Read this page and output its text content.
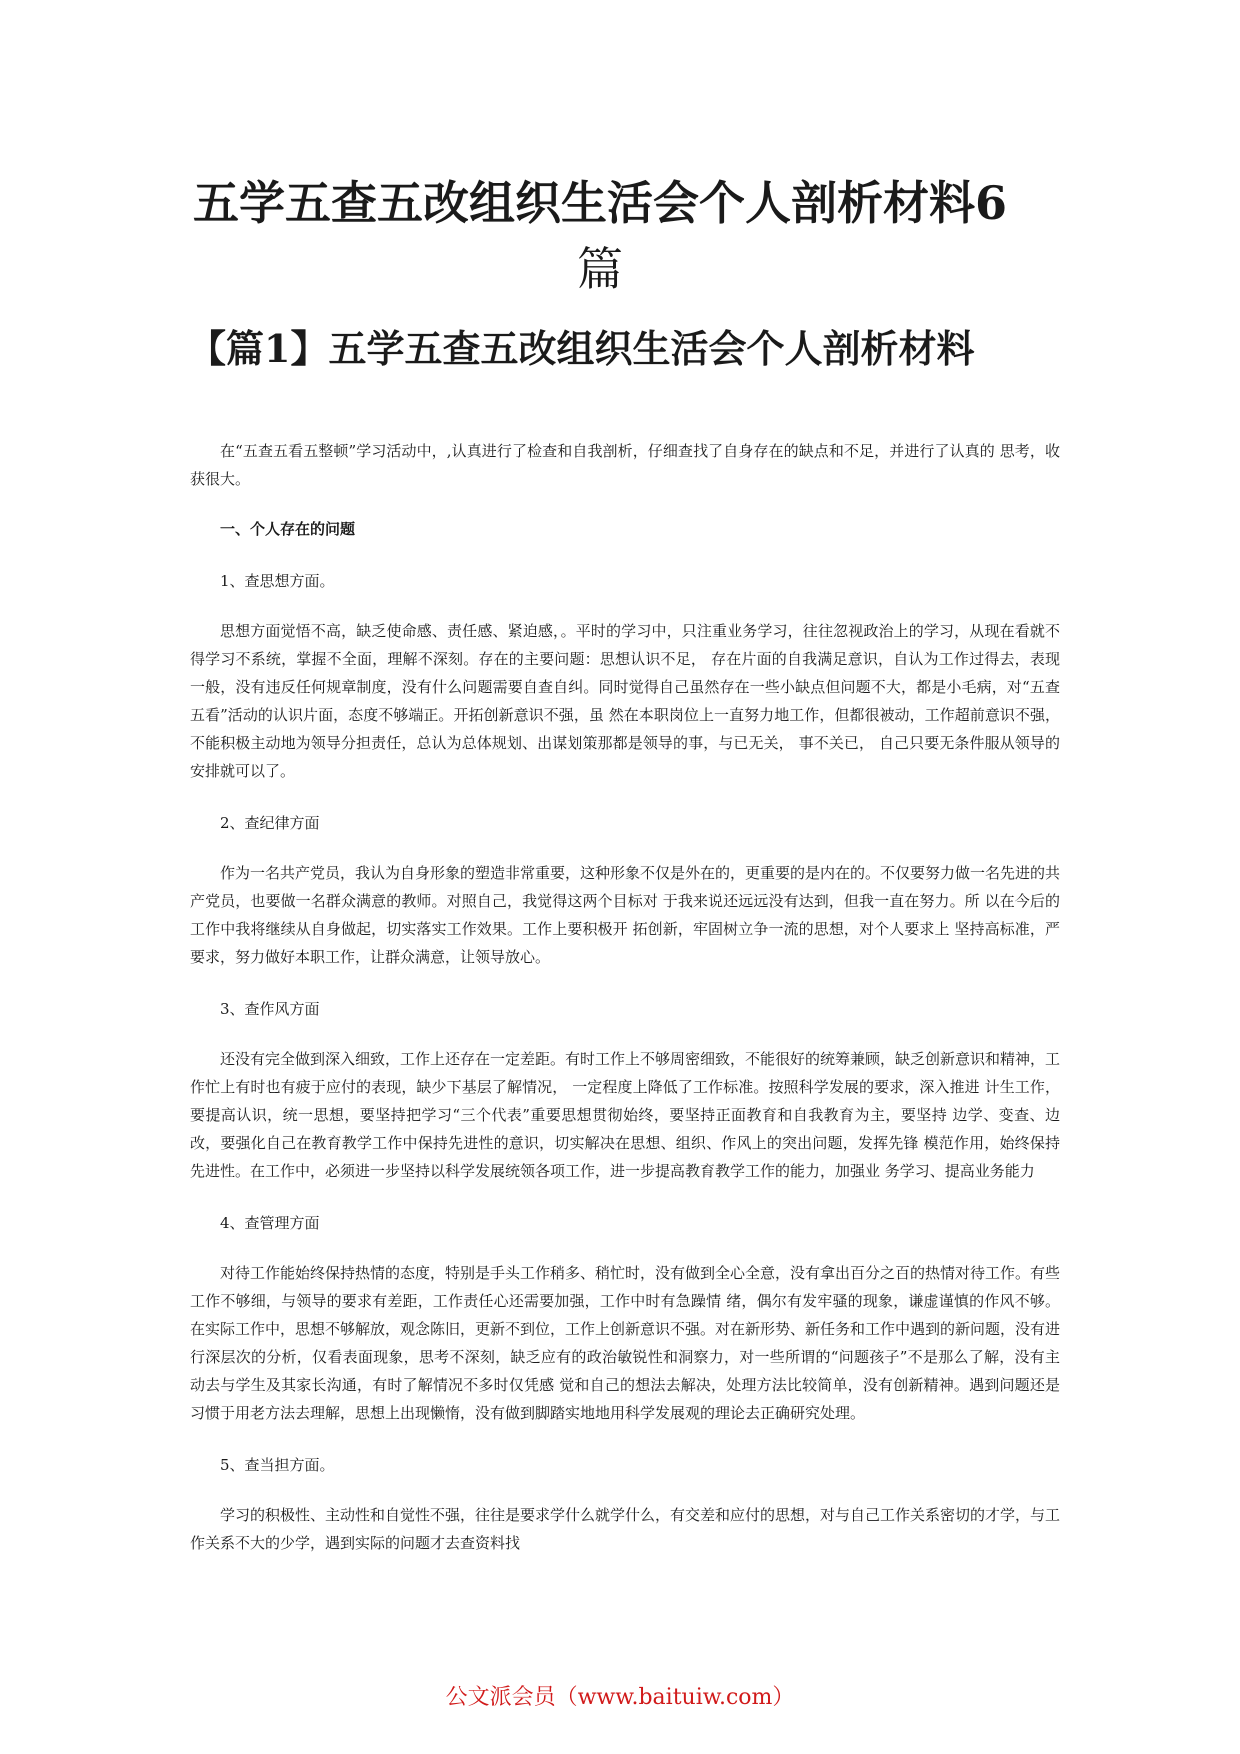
五学五查五改组织生活会个人剖析材料6
篇
【篇1】五学五查五改组织生活会个人剖析材料

在“五查五看五整顿”学习活动中，,认真进行了检查和自我剖析，仔细查找了自身存在的缺点和不足，并进行了认真的 思考，收获很大。

一、个人存在的问题

1、查思想方面。

思想方面觉悟不高，缺乏使命感、责任感、紧迫感，。平时的学习中，只注重业务学习，往往忽视政治上的学习，从现在看就不得学习不系统，掌握不全面，理解不深刻。存在的主要问题：思想认识不足， 存在片面的自我满足意识，自认为工作过得去，表现一般，没有违反任何规章制度，没有什么问题需要自查自纠。同时觉得自己虽然存在一些小缺点但问题不大，都是小毛病，对“五查五看”活动的认识片面，态度不够端正。开拓创新意识不强，虽 然在本职岗位上一直努力地工作，但都很被动，工作超前意识不强，不能积极主动地为领导分担责任，总认为总体规划、出谋划策那都是领导的事，与已无关， 事不关已， 自己只要无条件服从领导的安排就可以了。

2、查纪律方面

作为一名共产党员，我认为自身形象的塑造非常重要，这种形象不仅是外在的，更重要的是内在的。不仅要努力做一名先进的共产党员，也要做一名群众满意的教师。对照自己，我觉得这两个目标对 于我来说还远远没有达到，但我一直在努力。所 以在今后的工作中我将继续从自身做起，切实落实工作效果。工作上要积极开 拓创新，牢固树立争一流的思想，对个人要求上 坚持高标准，严要求，努力做好本职工作，让群众满意，让领导放心。

3、查作风方面

还没有完全做到深入细致，工作上还存在一定差距。有时工作上不够周密细致，不能很好的统筹兼顾，缺乏创新意识和精神，工作忙上有时也有疲于应付的表现，缺少下基层了解情况， 一定程度上降低了工作标准。按照科学发展的要求，深入推进 计生工作，要提高认识，统一思想，要坚持把学习“三个代表”重要思想贯彻始终，要坚持正面教育和自我教育为主，要坚持 边学、变查、边改，要强化自己在教育教学工作中保持先进性的意识，切实解决在思想、组织、作风上的突出问题，发挥先锋 模范作用，始终保持先进性。在工作中，必须进一步坚持以科学发展统领各项工作，进一步提高教育教学工作的能力，加强业 务学习、提高业务能力

4、查管理方面

对待工作能始终保持热情的态度，特别是手头工作稍多、稍忙时，没有做到全心全意，没有拿出百分之百的热情对待工作。有些工作不够细，与领导的要求有差距，工作责任心还需要加强，工作中时有急躁情 绪，偶尔有发牢骚的现象，谦虚谨慎的作风不够。在实际工作中，思想不够解放，观念陈旧，更新不到位，工作上创新意识不强。对在新形势、新任务和工作中遇到的新问题，没有进行深层次的分析，仅看表面现象，思考不深刻，缺乏应有的政治敏锐性和洞察力，对一些所谓的“问题孩子”不是那么了解，没有主动去与学生及其家长沟通，有时了解情况不多时仅凭感 觉和自己的想法去解决，处理方法比较简单，没有创新精神。遇到问题还是习惯于用老方法去理解，思想上出现懒惰，没有做到脚踏实地地用科学发展观的理论去正确研究处理。

5、查当担方面。

学习的积极性、主动性和自觉性不强，往往是要求学什么就学什么，有交差和应付的思想，对与自己工作关系密切的才学，与工作关系不大的少学，遇到实际的问题才去查资料找

公文派会员（www.baituiw.com）
